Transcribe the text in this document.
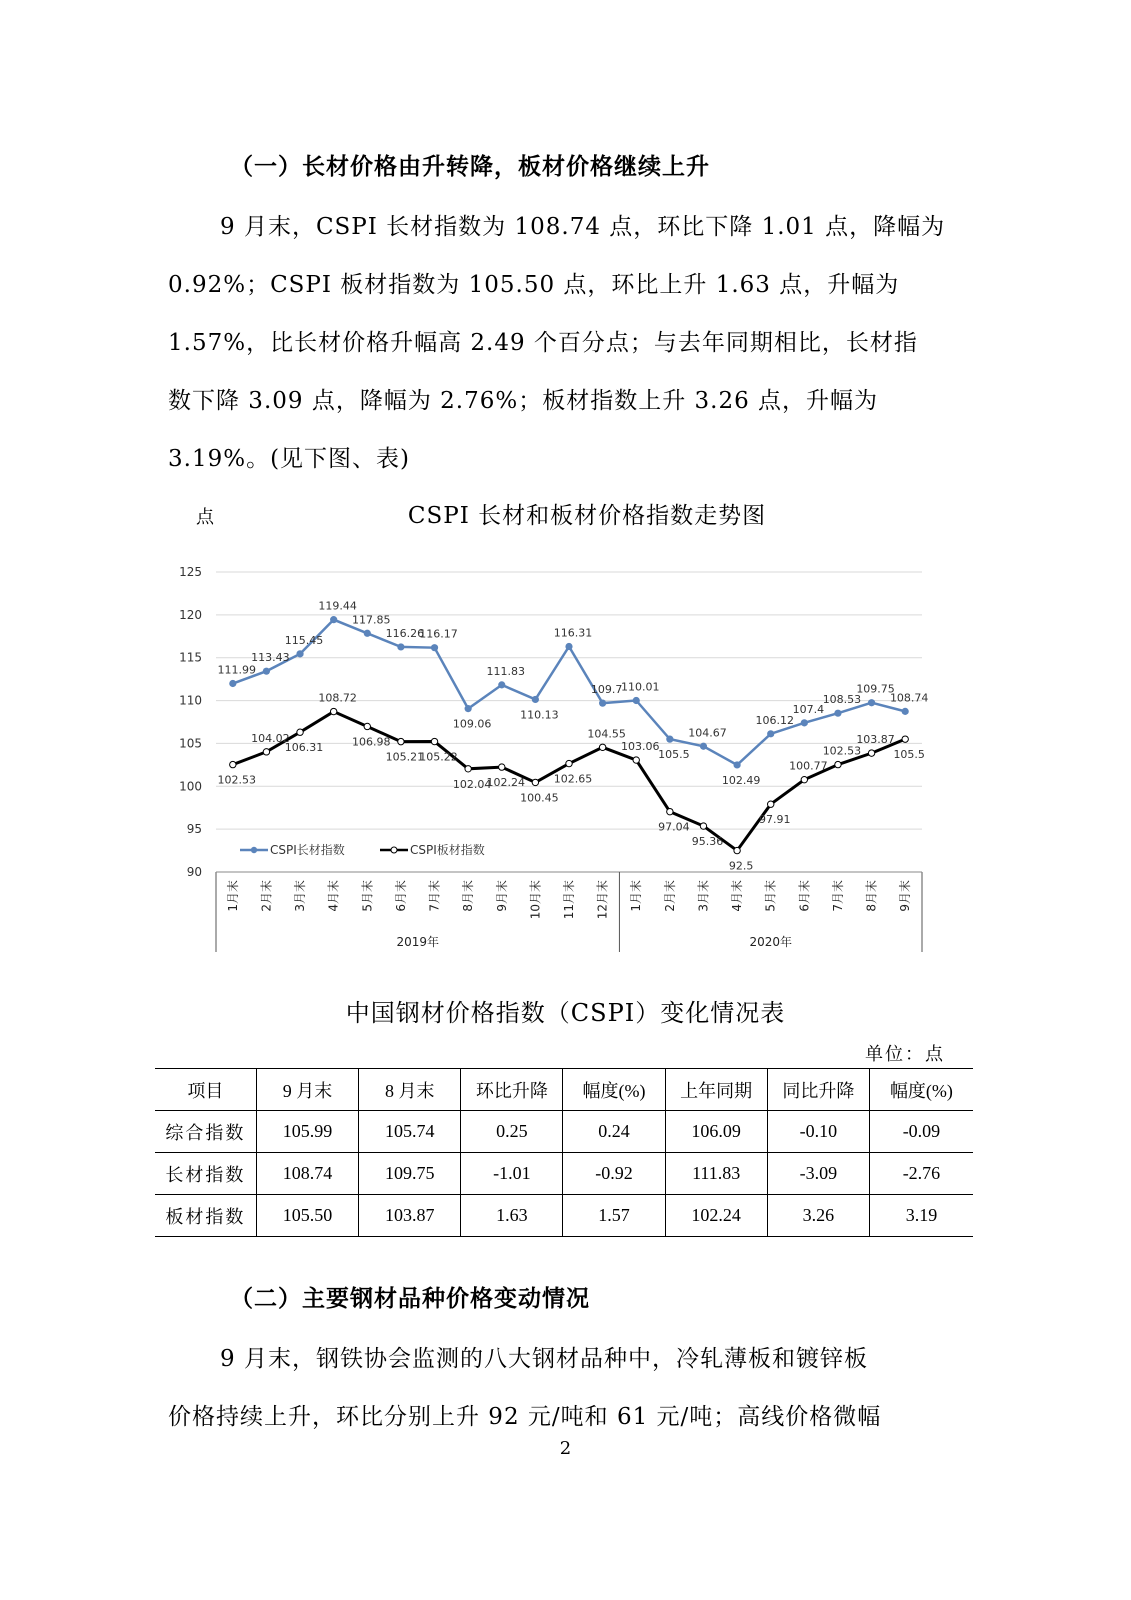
（一）长材价格由升转降，板材价格继续上升
9 月末，CSPI 长材指数为 108.74 点，环比下降 1.01 点，降幅为
0.92%；CSPI 板材指数为 105.50 点，环比上升 1.63 点，升幅为
1.57%，比长材价格升幅高 2.49 个百分点；与去年同期相比，长材指
数下降 3.09 点，降幅为 2.76%；板材指数上升 3.26 点，升幅为
3.19%。(见下图、表)
点	CSPI 长材和板材价格指数走势图
90
95
100
105
110
115
120
125
111.99
113.43
115.45
119.44
117.85
116.26
116.17
109.06
111.83
110.13
116.31
109.7
110.01
105.5
104.67
102.49
106.12
107.4
108.53
109.75
108.74
102.53
104.02
106.31
108.72
106.98
105.21
105.22
102.04
102.24
100.45
102.65
104.55
103.06
97.04
95.36
92.5
97.91
100.77
102.53
103.87
105.5
CSPI长材指数	CSPI板材指数
1月末 2月末 3月末 4月末 5月末 6月末 7月末 8月末 9月末 10月末 11月末 12月末 1月末 2月末 3月末 4月末 5月末 6月末 7月末 8月末 9月末
2019年	2020年
中国钢材价格指数（CSPI）变化情况表
单位：点
项目	9 月末	8 月末	环比升降	幅度(%)	上年同期	同比升降	幅度(%)
综合指数	105.99	105.74	0.25	0.24	106.09	-0.10	-0.09
长材指数	108.74	109.75	-1.01	-0.92	111.83	-3.09	-2.76
板材指数	105.50	103.87	1.63	1.57	102.24	3.26	3.19
（二）主要钢材品种价格变动情况
9 月末，钢铁协会监测的八大钢材品种中，冷轧薄板和镀锌板
价格持续上升，环比分别上升 92 元/吨和 61 元/吨；高线价格微幅
2
